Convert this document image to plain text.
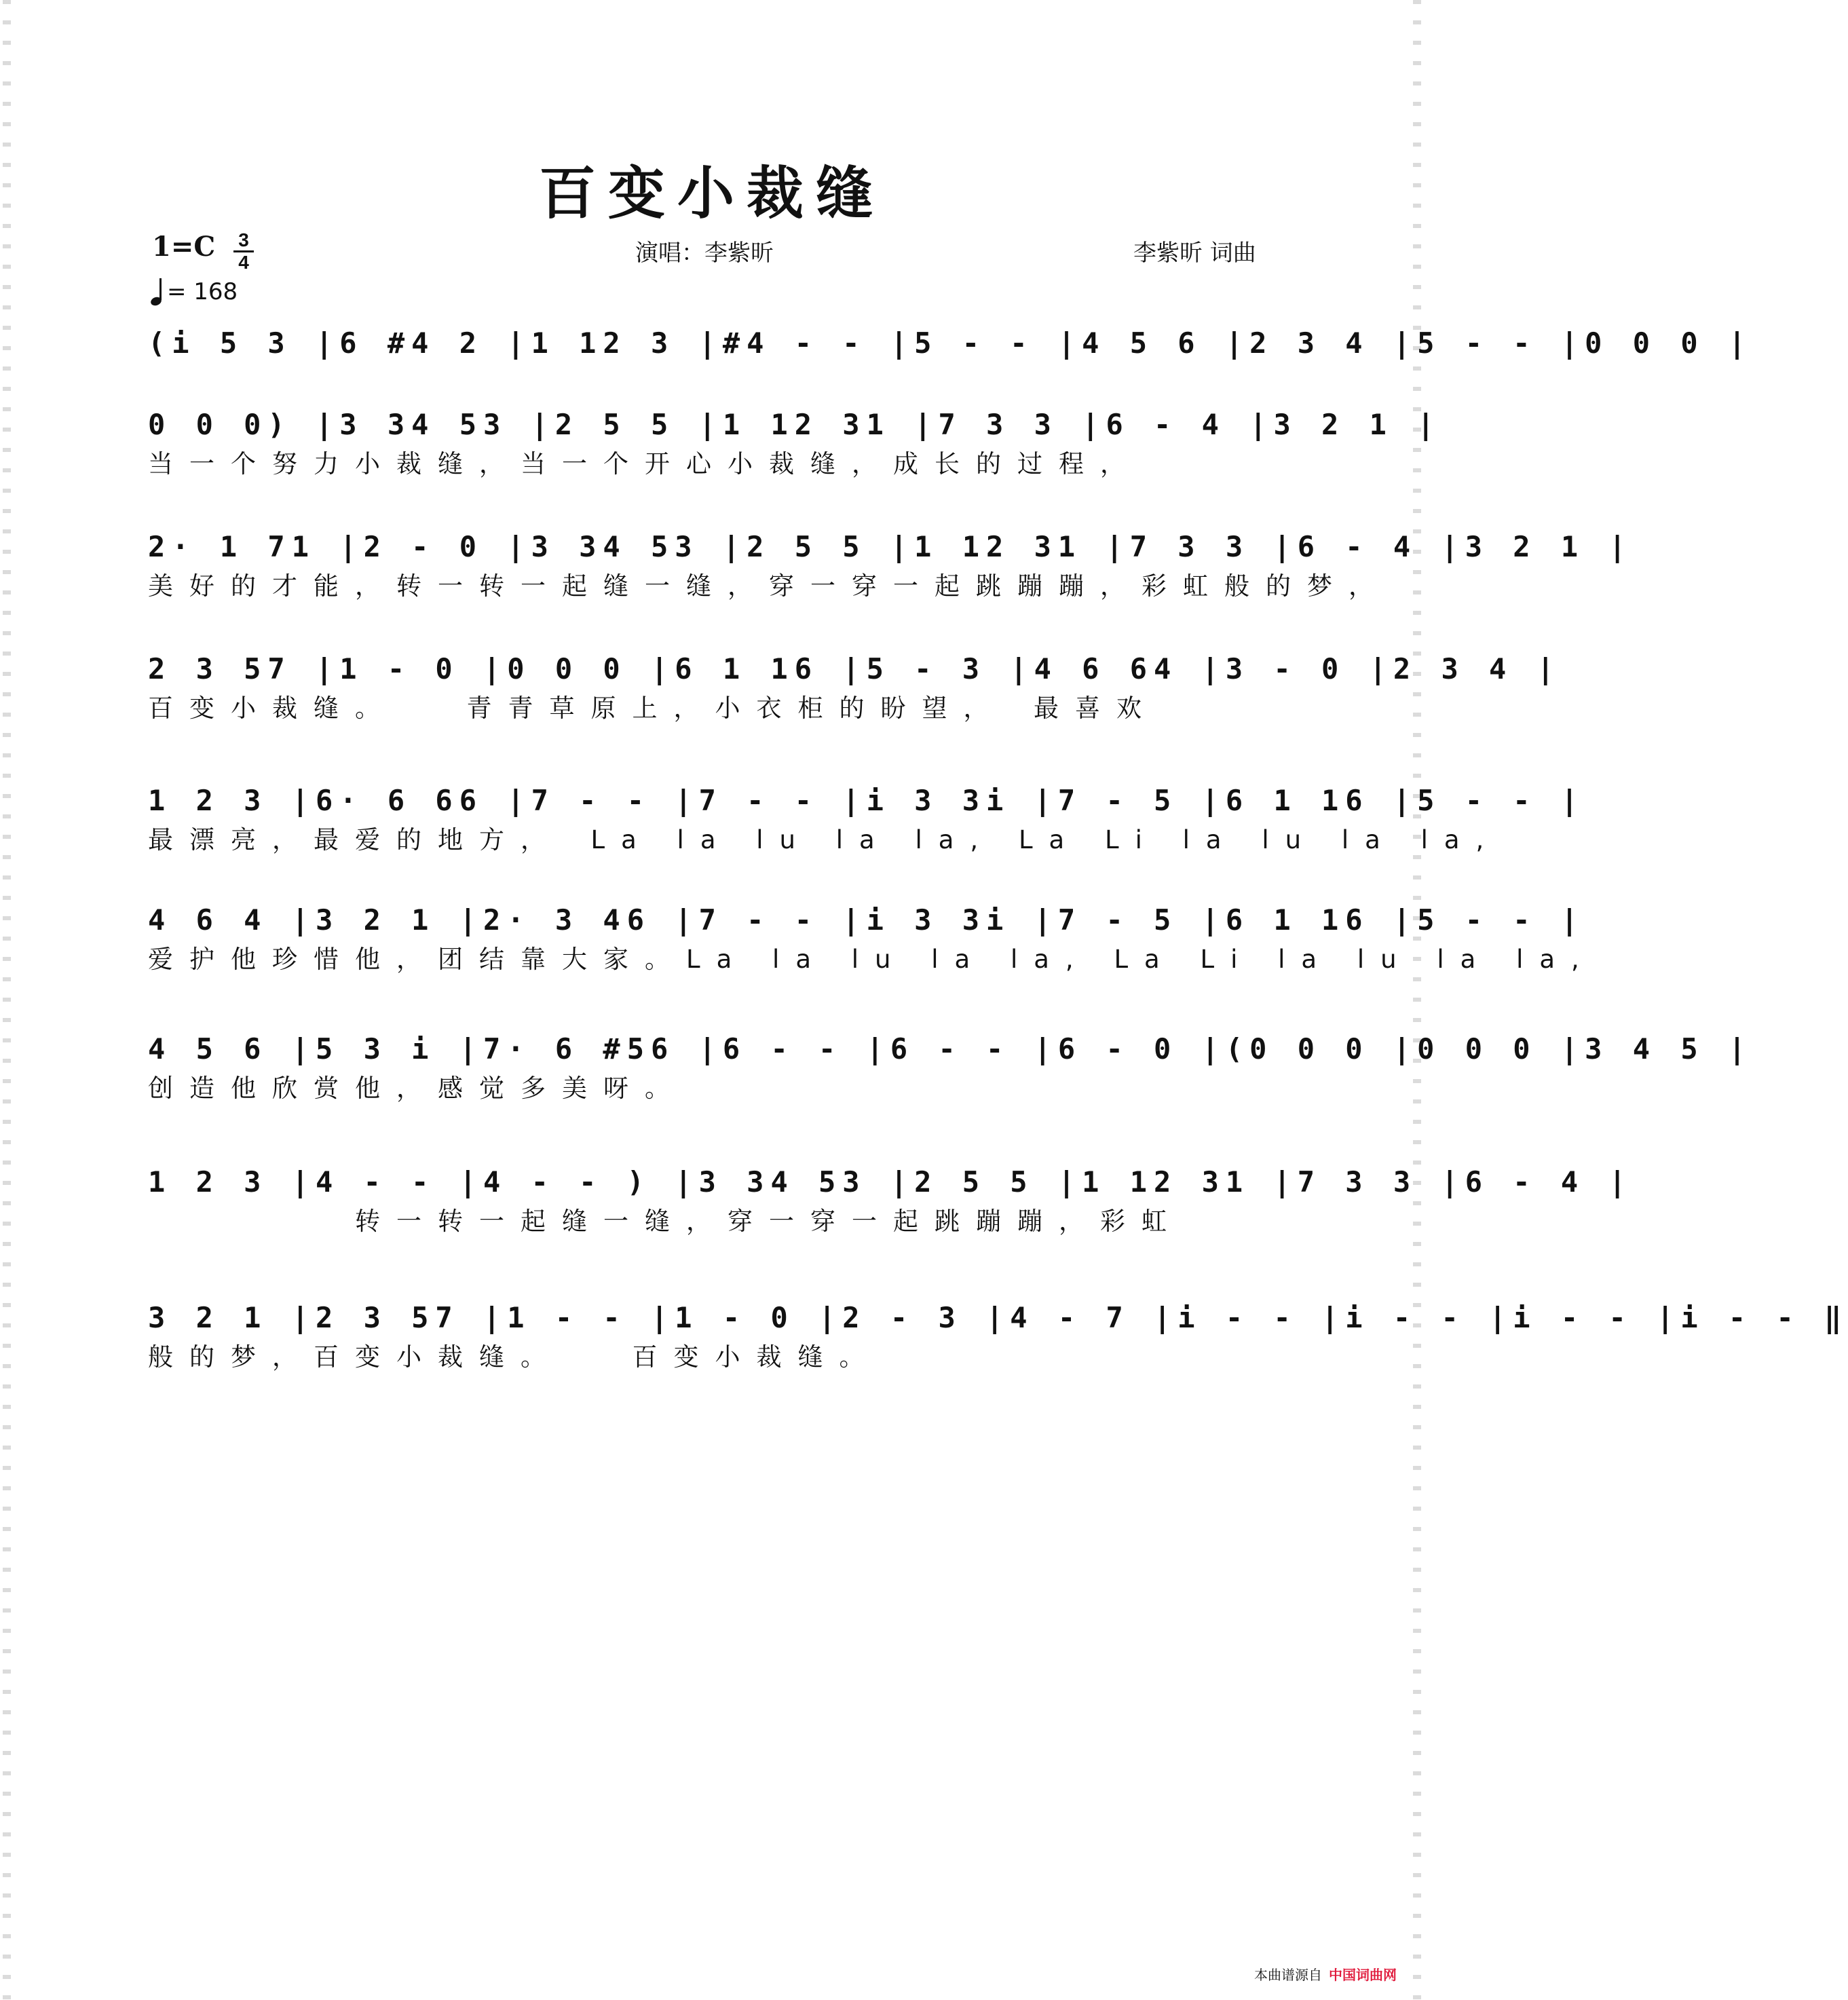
百变小裁缝
1=C 3
4
= 168
演唱：李紫昕	李紫昕 词曲
(i 5 3 |6 #4 2 |1 12 3 |#4 - - |5 - - |4 5 6 |2 3 4 |5 - - |0 0 0 |
0 0 0) |3 34 53 |2 5 5 |1 12 31 |7 3 3 |6 - 4 |3 2 1 |
当一个努力小裁缝，当一个开心小裁缝，成长的过程，
2· 1 71 |2 - 0 |3 34 53 |2 5 5 |1 12 31 |7 3 3 |6 - 4 |3 2 1 |
美好的才能，转一转一起缝一缝，穿一穿一起跳蹦蹦，彩虹般的梦，
2 3 57 |1 - 0 |0 0 0 |6 1 16 |5 - 3 |4 6 64 |3 - 0 |2 3 4 |
百变小裁缝。　　青青草原上，小衣柜的盼望，　最喜欢
1 2 3 |6· 6 66 |7 - - |7 - - |i 3 3i |7 - 5 |6 1 16 |5 - - |
最漂亮，最爱的地方，　La la lu la la, La Li la lu la la,
4 6 4 |3 2 1 |2· 3 46 |7 - - |i 3 3i |7 - 5 |6 1 16 |5 - - |
爱护他珍惜他，团结靠大家。La la lu la la, La Li la lu la la,
4 5 6 |5 3 i |7· 6 #56 |6 - - |6 - - |6 - 0 |(0 0 0 |0 0 0 |3 4 5 |
创造他欣赏他，感觉多美呀。
1 2 3 |4 - - |4 - - ) |3 34 53 |2 5 5 |1 12 31 |7 3 3 |6 - 4 |
　　　　　转一转一起缝一缝，穿一穿一起跳蹦蹦，彩虹
3 2 1 |2 3 57 |1 - - |1 - 0 |2 - 3 |4 - 7 |i - - |i - - |i - - |i - - ‖
般的梦，百变小裁缝。　　百变小裁缝。
本曲谱源自 中国词曲网
